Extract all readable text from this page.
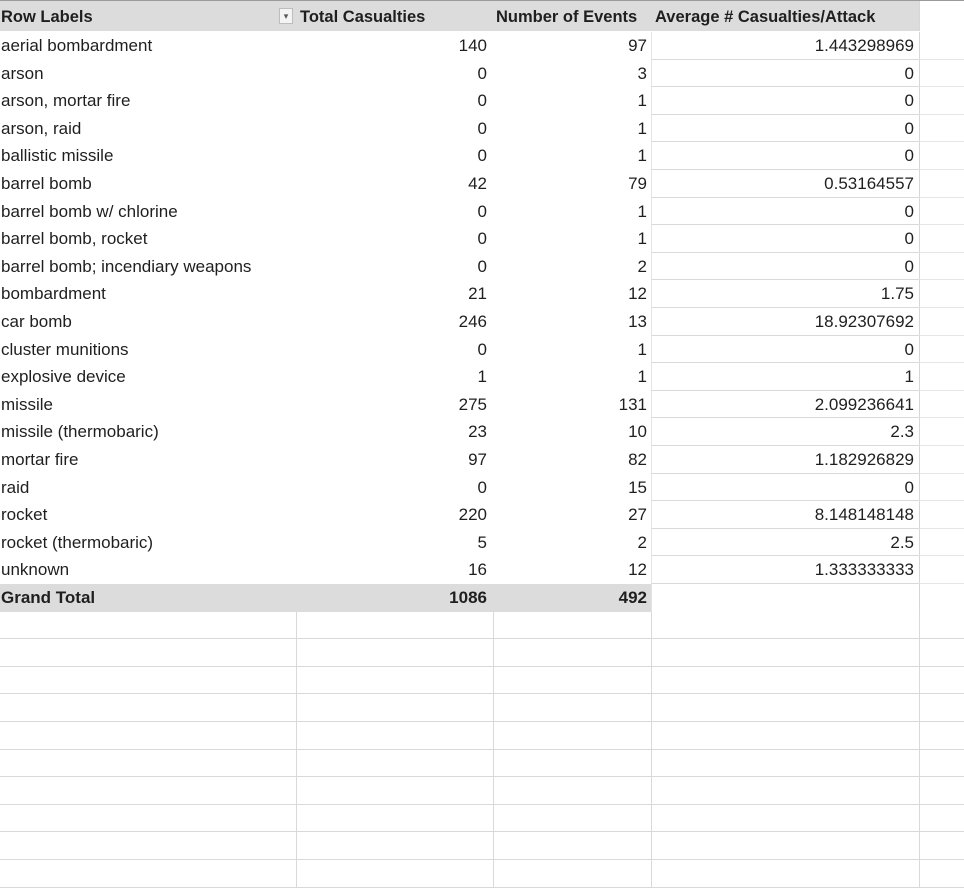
Row Labels	▾ Total Casualties	Number of Events	Average # Casualties/Attack
aerial bombardment	140	97	1.443298969
arson	0	3	0
arson, mortar fire	0	1	0
arson, raid	0	1	0
ballistic missile	0	1	0
barrel bomb	42	79	0.53164557
barrel bomb w/ chlorine	0	1	0
barrel bomb, rocket	0	1	0
barrel bomb; incendiary weapons	0	2	0
bombardment	21	12	1.75
car bomb	246	13	18.92307692
cluster munitions	0	1	0
explosive device	1	1	1
missile	275	131	2.099236641
missile (thermobaric)	23	10	2.3
mortar fire	97	82	1.182926829
raid	0	15	0
rocket	220	27	8.148148148
rocket (thermobaric)	5	2	2.5
unknown	16	12	1.333333333
Grand Total	1086	492
